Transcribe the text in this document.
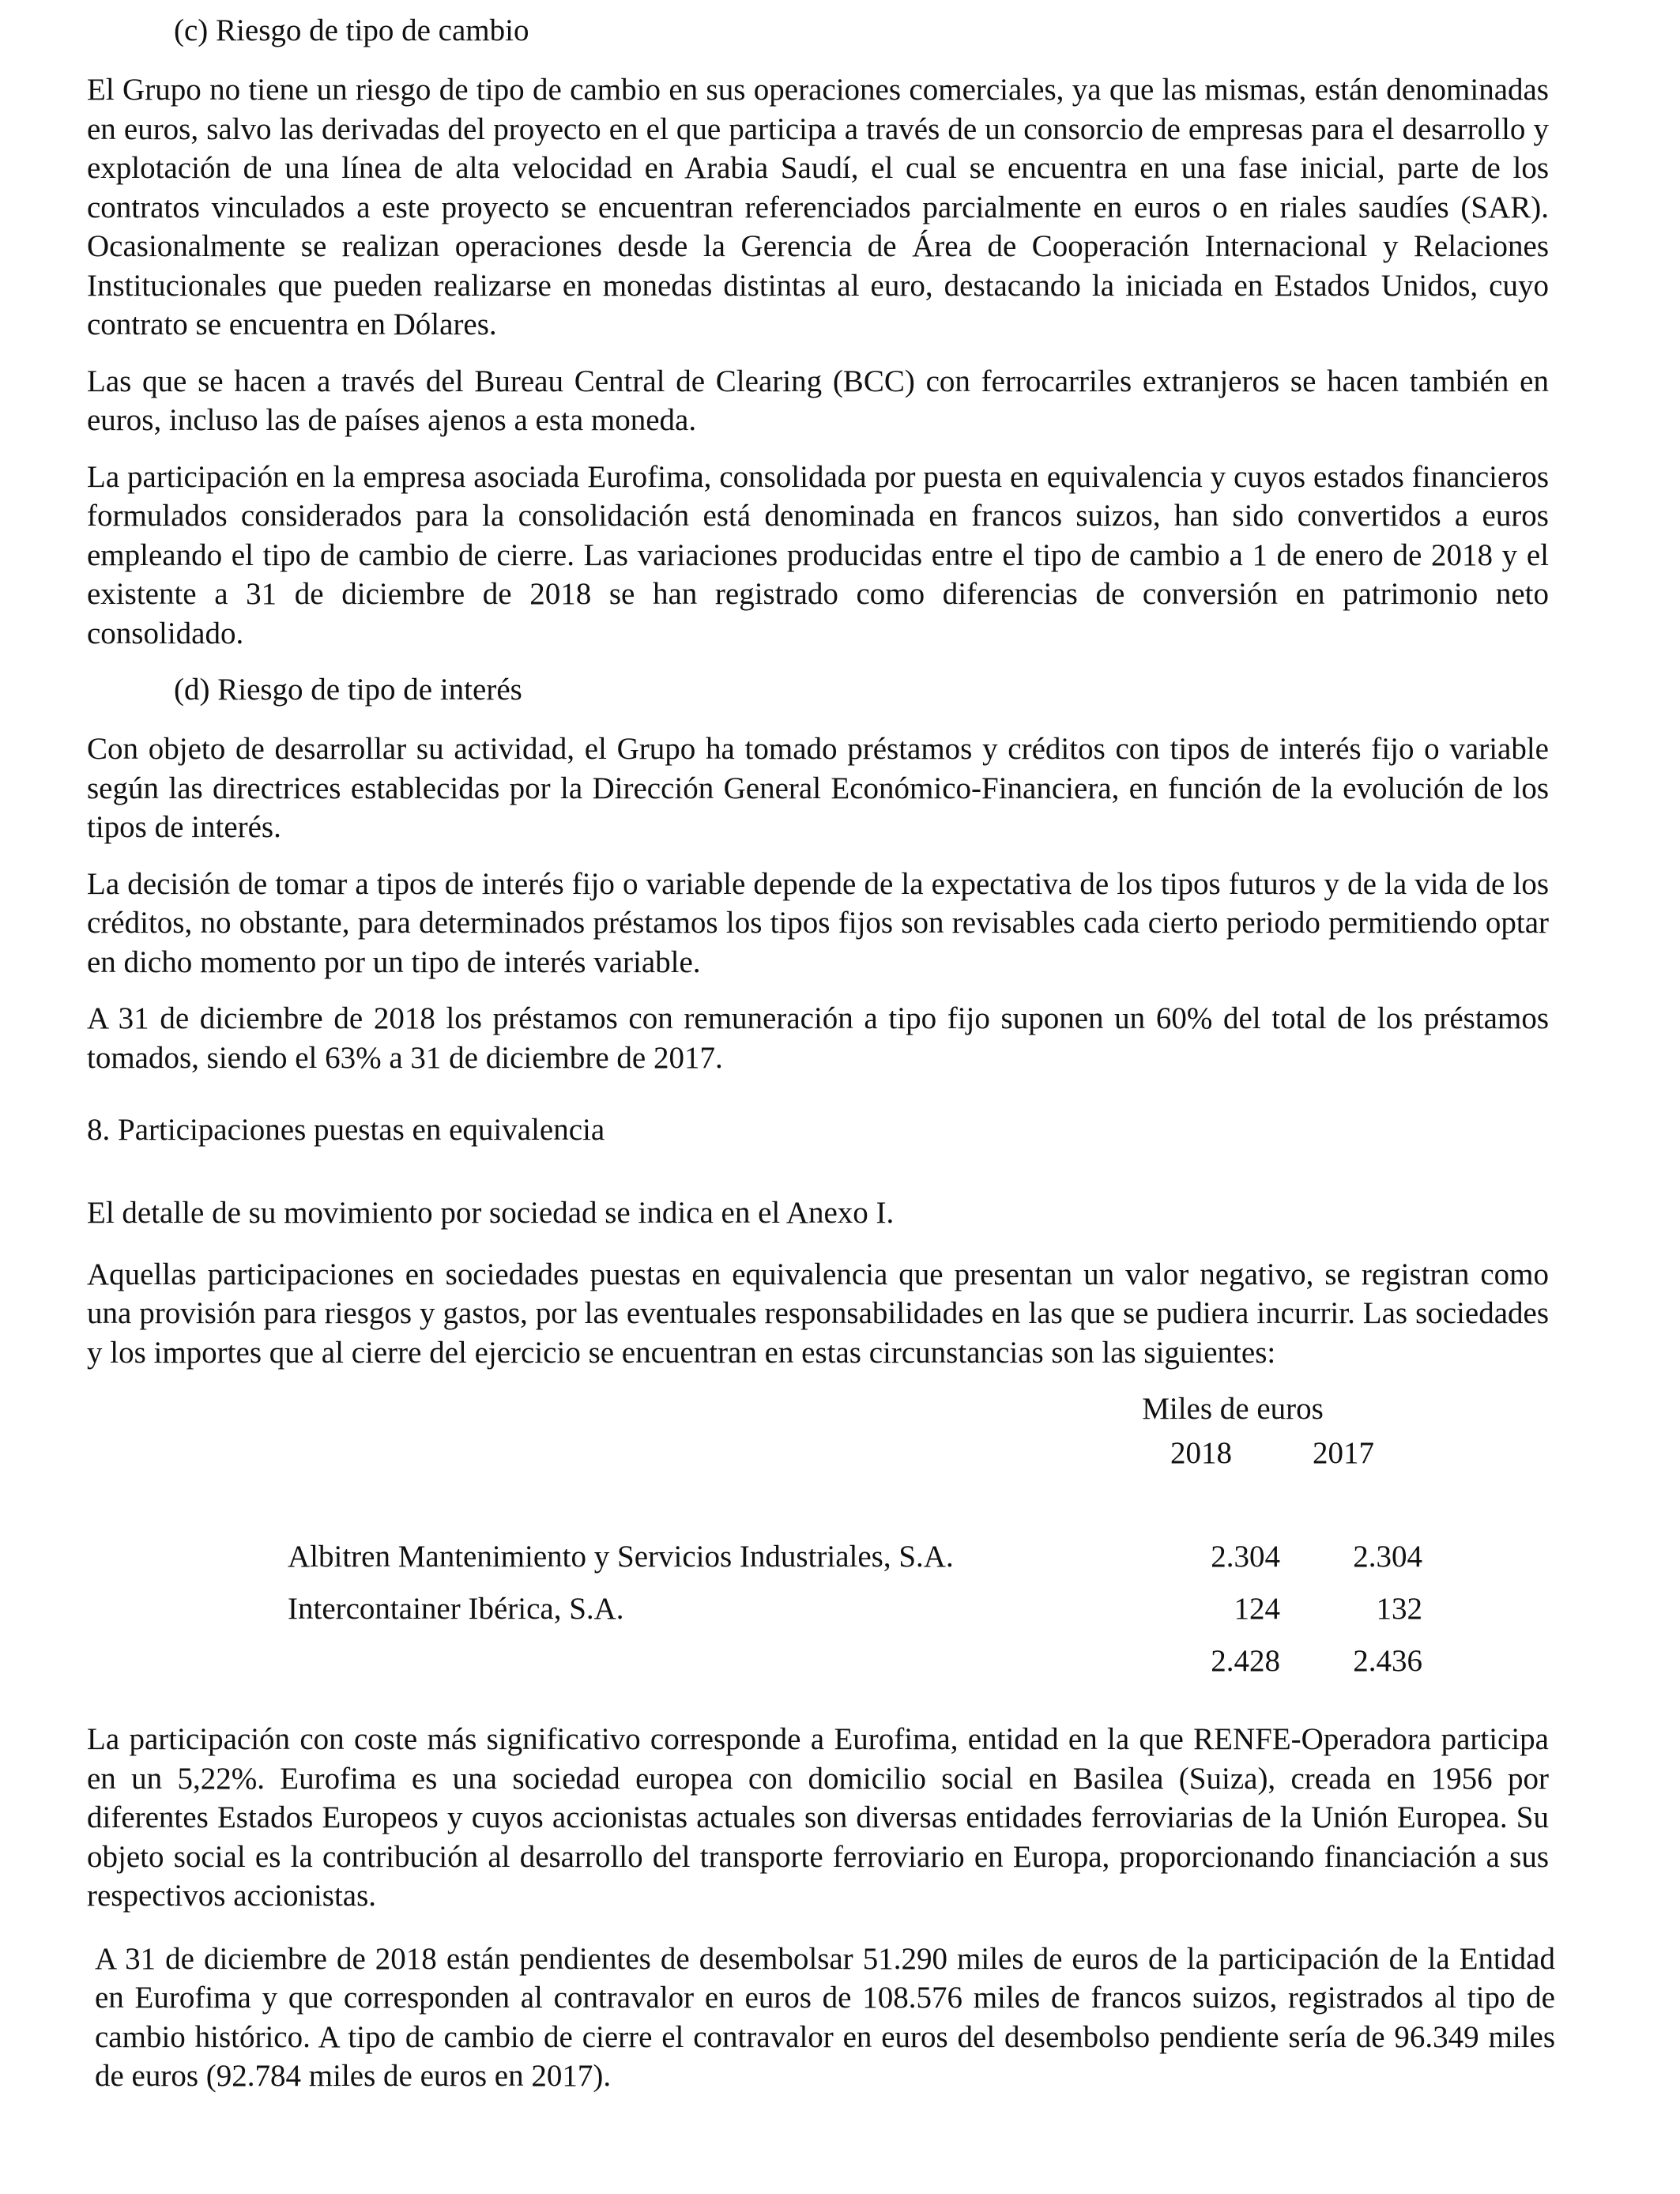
(c) Riesgo de tipo de cambio

El Grupo no tiene un riesgo de tipo de cambio en sus operaciones comerciales, ya que las mismas, están denominadas en euros, salvo las derivadas del proyecto en el que participa a través de un consorcio de empresas para el desarrollo y explotación de una línea de alta velocidad en Arabia Saudí, el cual se encuentra en una fase inicial, parte de los contratos vinculados a este proyecto se encuentran referenciados parcialmente en euros o en riales saudíes (SAR). Ocasionalmente se realizan operaciones desde la Gerencia de Área de Cooperación Internacional y Relaciones Institucionales que pueden realizarse en monedas distintas al euro, destacando la iniciada en Estados Unidos, cuyo contrato se encuentra en Dólares.

Las que se hacen a través del Bureau Central de Clearing (BCC) con ferrocarriles extranjeros se hacen también en euros, incluso las de países ajenos a esta moneda.

La participación en la empresa asociada Eurofima, consolidada por puesta en equivalencia y cuyos estados financieros formulados considerados para la consolidación está denominada en francos suizos, han sido convertidos a euros empleando el tipo de cambio de cierre. Las variaciones producidas entre el tipo de cambio a 1 de enero de 2018 y el existente a 31 de diciembre de 2018 se han registrado como diferencias de conversión en patrimonio neto consolidado.

(d) Riesgo de tipo de interés

Con objeto de desarrollar su actividad, el Grupo ha tomado préstamos y créditos con tipos de interés fijo o variable según las directrices establecidas por la Dirección General Económico-Financiera, en función de la evolución de los tipos de interés.

La decisión de tomar a tipos de interés fijo o variable depende de la expectativa de los tipos futuros y de la vida de los créditos, no obstante, para determinados préstamos los tipos fijos son revisables cada cierto periodo permitiendo optar en dicho momento por un tipo de interés variable.

A 31 de diciembre de 2018 los préstamos con remuneración a tipo fijo suponen un 60% del total de los préstamos tomados, siendo el 63% a 31 de diciembre de 2017.

8. Participaciones puestas en equivalencia

El detalle de su movimiento por sociedad se indica en el Anexo I.

Aquellas participaciones en sociedades puestas en equivalencia que presentan un valor negativo, se registran como una provisión para riesgos y gastos, por las eventuales responsabilidades en las que se pudiera incurrir. Las sociedades y los importes que al cierre del ejercicio se encuentran en estas circunstancias son las siguientes:

Miles de euros
2018	2017
Albitren Mantenimiento y Servicios Industriales, S.A.	2.304	2.304
Intercontainer Ibérica, S.A.	124	132
2.428	2.436

La participación con coste más significativo corresponde a Eurofima, entidad en la que RENFE-Operadora participa en un 5,22%. Eurofima es una sociedad europea con domicilio social en Basilea (Suiza), creada en 1956 por diferentes Estados Europeos y cuyos accionistas actuales son diversas entidades ferroviarias de la Unión Europea. Su objeto social es la contribución al desarrollo del transporte ferroviario en Europa, proporcionando financiación a sus respectivos accionistas.

A 31 de diciembre de 2018 están pendientes de desembolsar 51.290 miles de euros de la participación de la Entidad en Eurofima y que corresponden al contravalor en euros de 108.576 miles de francos suizos, registrados al tipo de cambio histórico. A tipo de cambio de cierre el contravalor en euros del desembolso pendiente sería de 96.349 miles de euros (92.784 miles de euros en 2017).
